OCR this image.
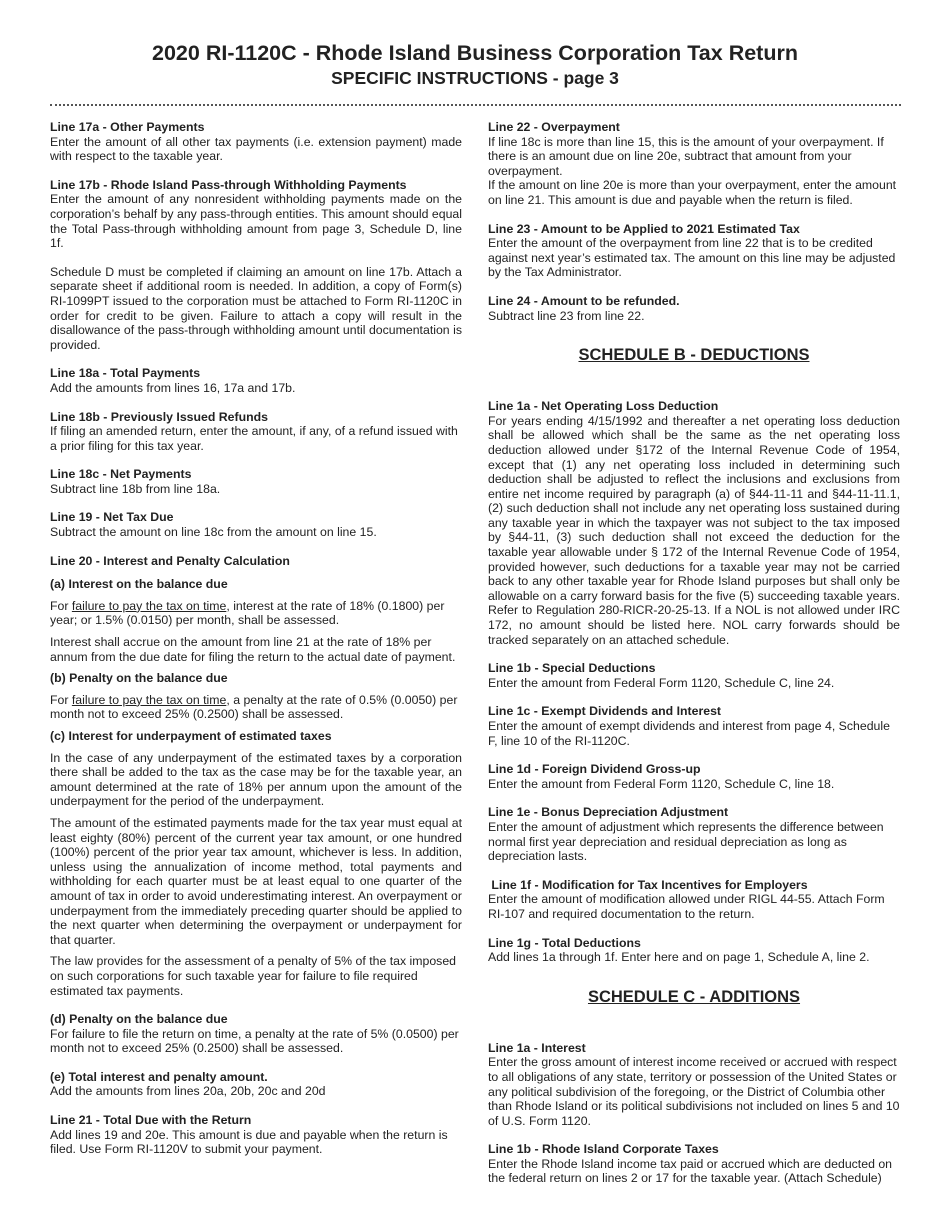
2020 RI-1120C - Rhode Island Business Corporation Tax Return
SPECIFIC INSTRUCTIONS - page 3
Line 17a - Other Payments

Enter the amount of all other tax payments (i.e. extension payment) made with respect to the taxable year.

Line 17b - Rhode Island Pass-through Withholding Payments

Enter the amount of any nonresident withholding payments made on the corporation’s behalf by any pass-through entities. This amount should equal the Total Pass-through withholding amount from page 3, Schedule D, line 1f.

Schedule D must be completed if claiming an amount on line 17b. Attach a separate sheet if additional room is needed. In addition, a copy of Form(s) RI-1099PT issued to the corporation must be attached to Form RI-1120C in order for credit to be given. Failure to attach a copy will result in the disallowance of the pass-through withholding amount until documentation is provided.

Line 18a - Total Payments

Add the amounts from lines 16, 17a and 17b.

Line 18b - Previously Issued Refunds

If filing an amended return, enter the amount, if any, of a refund issued with a prior filing for this tax year.

Line 18c - Net Payments

Subtract line 18b from line 18a.

Line 19 - Net Tax Due

Subtract the amount on line 18c from the amount on line 15.

Line 20 - Interest and Penalty Calculation
(a) Interest on the balance due

For failure to pay the tax on time, interest at the rate of 18% (0.1800) per year; or 1.5% (0.0150) per month, shall be assessed.

Interest shall accrue on the amount from line 21 at the rate of 18% per annum from the due date for filing the return to the actual date of payment.

(b) Penalty on the balance due

For failure to pay the tax on time, a penalty at the rate of 0.5% (0.0050) per month not to exceed 25% (0.2500) shall be assessed.

(c) Interest for underpayment of estimated taxes

In the case of any underpayment of the estimated taxes by a corporation there shall be added to the tax as the case may be for the taxable year, an amount determined at the rate of 18% per annum upon the amount of the underpayment for the period of the underpayment.

The amount of the estimated payments made for the tax year must equal at least eighty (80%) percent of the current year tax amount, or one hundred (100%) percent of the prior year tax amount, whichever is less. In addition, unless using the annualization of income method, total payments and withholding for each quarter must be at least equal to one quarter of the amount of tax in order to avoid underestimating interest. An overpayment or underpayment from the immediately preceding quarter should be applied to the next quarter when determining the overpayment or underpayment for that quarter.

The law provides for the assessment of a penalty of 5% of the tax imposed on such corporations for such taxable year for failure to file required estimated tax payments.

(d) Penalty on the balance due

For failure to file the return on time, a penalty at the rate of 5% (0.0500) per month not to exceed 25% (0.2500) shall be assessed.

(e) Total interest and penalty amount.

Add the amounts from lines 20a, 20b, 20c and 20d

Line 21 - Total Due with the Return

Add lines 19 and 20e. This amount is due and payable when the return is filed. Use Form RI-1120V to submit your payment.

Line 22 - Overpayment

If line 18c is more than line 15, this is the amount of your overpayment. If there is an amount due on line 20e, subtract that amount from your overpayment.

If the amount on line 20e is more than your overpayment, enter the amount on line 21. This amount is due and payable when the return is filed.

Line 23 - Amount to be Applied to 2021 Estimated Tax

Enter the amount of the overpayment from line 22 that is to be credited against next year’s estimated tax. The amount on this line may be adjusted by the Tax Administrator.

Line 24 - Amount to be refunded.

Subtract line 23 from line 22.

SCHEDULE B - DEDUCTIONS
Line 1a - Net Operating Loss Deduction

For years ending 4/15/1992 and thereafter a net operating loss deduction shall be allowed which shall be the same as the net operating loss deduction allowed under §172 of the Internal Revenue Code of 1954, except that (1) any net operating loss included in determining such deduction shall be adjusted to reflect the inclusions and exclusions from entire net income required by paragraph (a) of §44-11-11 and §44-11-11.1, (2) such deduction shall not include any net operating loss sustained during any taxable year in which the taxpayer was not subject to the tax imposed by §44-11, (3) such deduction shall not exceed the deduction for the taxable year allowable under § 172 of the Internal Revenue Code of 1954, provided however, such deductions for a taxable year may not be carried back to any other taxable year for Rhode Island purposes but shall only be allowable on a carry forward basis for the five (5) succeeding taxable years. Refer to Regulation 280-RICR-20-25-13. If a NOL is not allowed under IRC 172, no amount should be listed here. NOL carry forwards should be tracked separately on an attached schedule.

Line 1b - Special Deductions

Enter the amount from Federal Form 1120, Schedule C, line 24.

Line 1c - Exempt Dividends and Interest

Enter the amount of exempt dividends and interest from page 4, Schedule F, line 10 of the RI-1120C.

Line 1d - Foreign Dividend Gross-up

Enter the amount from Federal Form 1120, Schedule C, line 18.

Line 1e - Bonus Depreciation Adjustment

Enter the amount of adjustment which represents the difference between normal first year depreciation and residual depreciation as long as depreciation lasts.

Line 1f - Modification for Tax Incentives for Employers

Enter the amount of modification allowed under RIGL 44-55. Attach Form RI-107 and required documentation to the return.

Line 1g - Total Deductions

Add lines 1a through 1f. Enter here and on page 1, Schedule A, line 2.

SCHEDULE C - ADDITIONS
Line 1a - Interest

Enter the gross amount of interest income received or accrued with respect to all obligations of any state, territory or possession of the United States or any political subdivision of the foregoing, or the District of Columbia other than Rhode Island or its political subdivisions not included on lines 5 and 10 of U.S. Form 1120.

Line 1b - Rhode Island Corporate Taxes

Enter the Rhode Island income tax paid or accrued which are deducted on the federal return on lines 2 or 17 for the taxable year. (Attach Schedule)
